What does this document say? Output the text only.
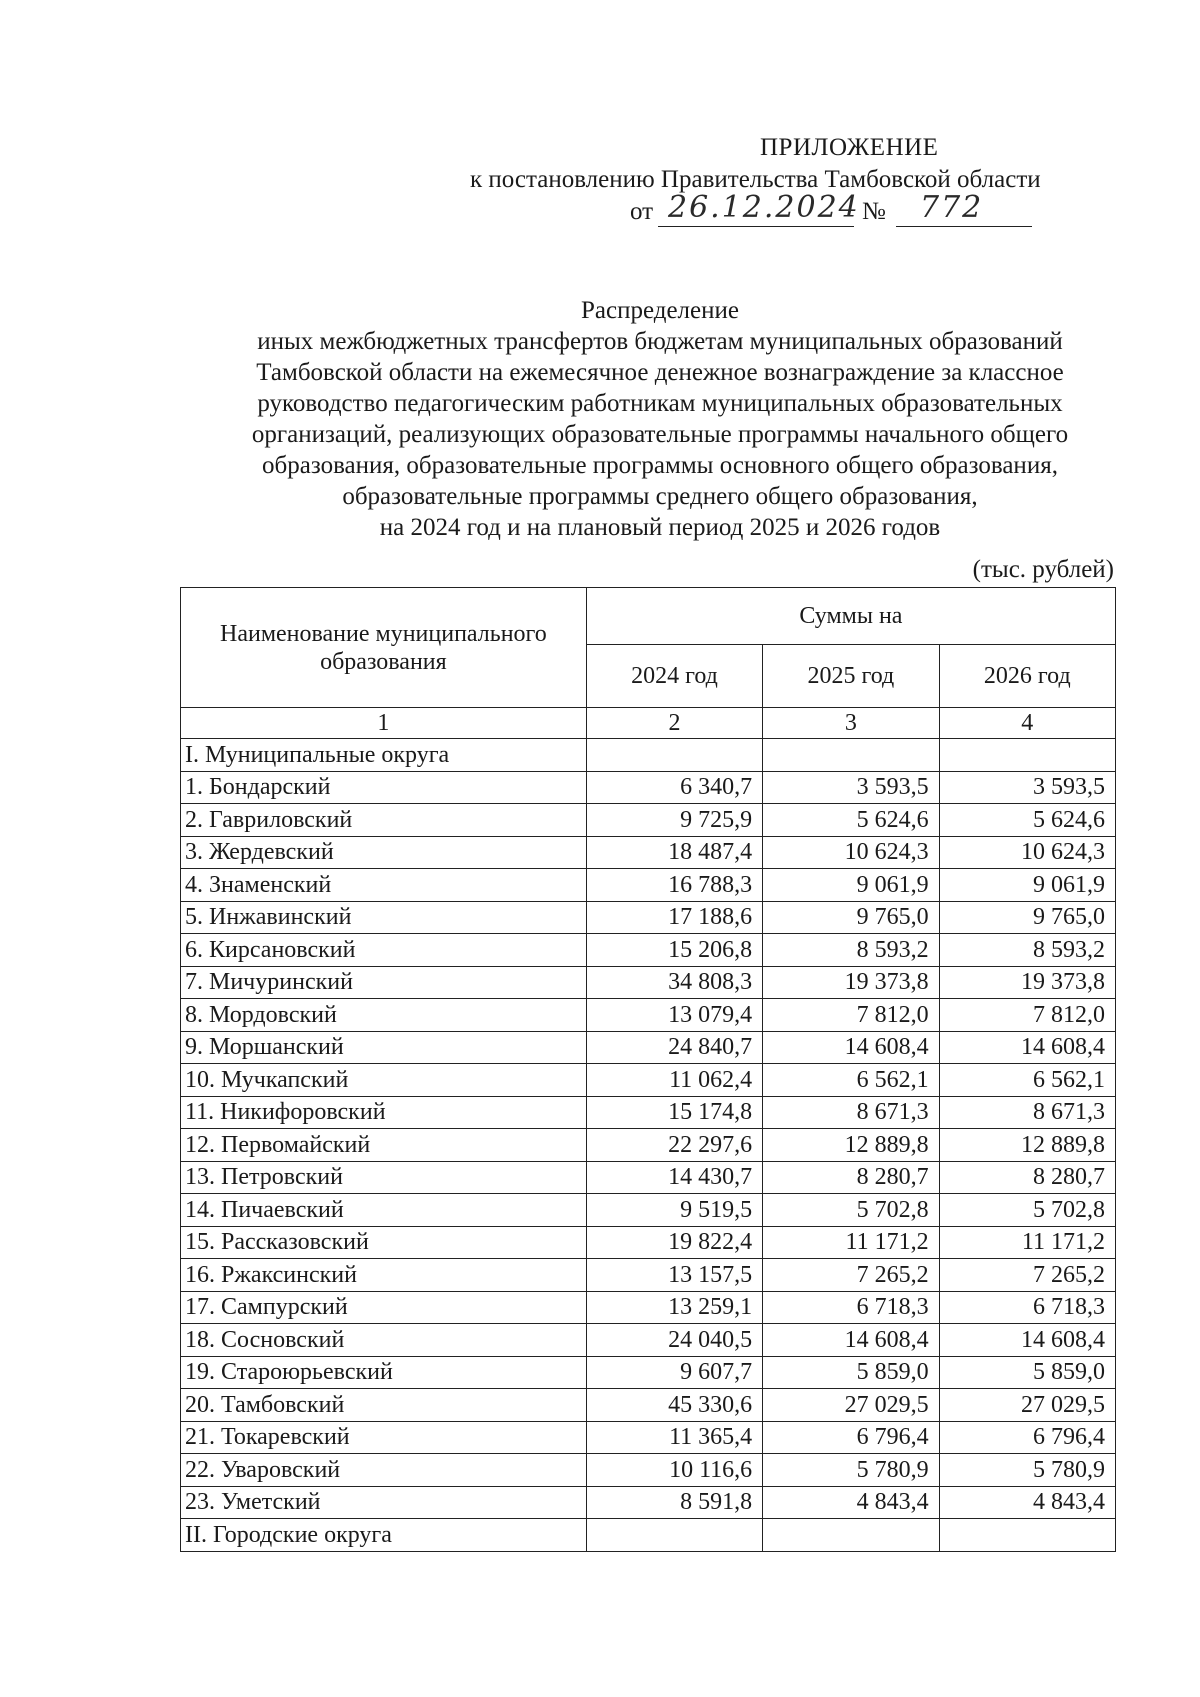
ПРИЛОЖЕНИЕ
к постановлению Правительства Тамбовской области
от 26.12.2024 № 772
Распределение
иных межбюджетных трансфертов бюджетам муниципальных образований
Тамбовской области на ежемесячное денежное вознаграждение за классное
руководство педагогическим работникам муниципальных образовательных
организаций, реализующих образовательные программы начального общего
образования, образовательные программы основного общего образования,
образовательные программы среднего общего образования,
на 2024 год и на плановый период 2025 и 2026 годов
(тыс. рублей)
Наименование муниципального образования	Суммы на		
	2024 год	2025 год	2026 год
1	2	3	4
I. Муниципальные округа			
1. Бондарский	6 340,7	3 593,5	3 593,5
2. Гавриловский	9 725,9	5 624,6	5 624,6
3. Жердевский	18 487,4	10 624,3	10 624,3
4. Знаменский	16 788,3	9 061,9	9 061,9
5. Инжавинский	17 188,6	9 765,0	9 765,0
6. Кирсановский	15 206,8	8 593,2	8 593,2
7. Мичуринский	34 808,3	19 373,8	19 373,8
8. Мордовский	13 079,4	7 812,0	7 812,0
9. Моршанский	24 840,7	14 608,4	14 608,4
10. Мучкапский	11 062,4	6 562,1	6 562,1
11. Никифоровский	15 174,8	8 671,3	8 671,3
12. Первомайский	22 297,6	12 889,8	12 889,8
13. Петровский	14 430,7	8 280,7	8 280,7
14. Пичаевский	9 519,5	5 702,8	5 702,8
15. Рассказовский	19 822,4	11 171,2	11 171,2
16. Ржаксинский	13 157,5	7 265,2	7 265,2
17. Сампурский	13 259,1	6 718,3	6 718,3
18. Сосновский	24 040,5	14 608,4	14 608,4
19. Староюрьевский	9 607,7	5 859,0	5 859,0
20. Тамбовский	45 330,6	27 029,5	27 029,5
21. Токаревский	11 365,4	6 796,4	6 796,4
22. Уваровский	10 116,6	5 780,9	5 780,9
23. Уметский	8 591,8	4 843,4	4 843,4
II. Городские округа			
